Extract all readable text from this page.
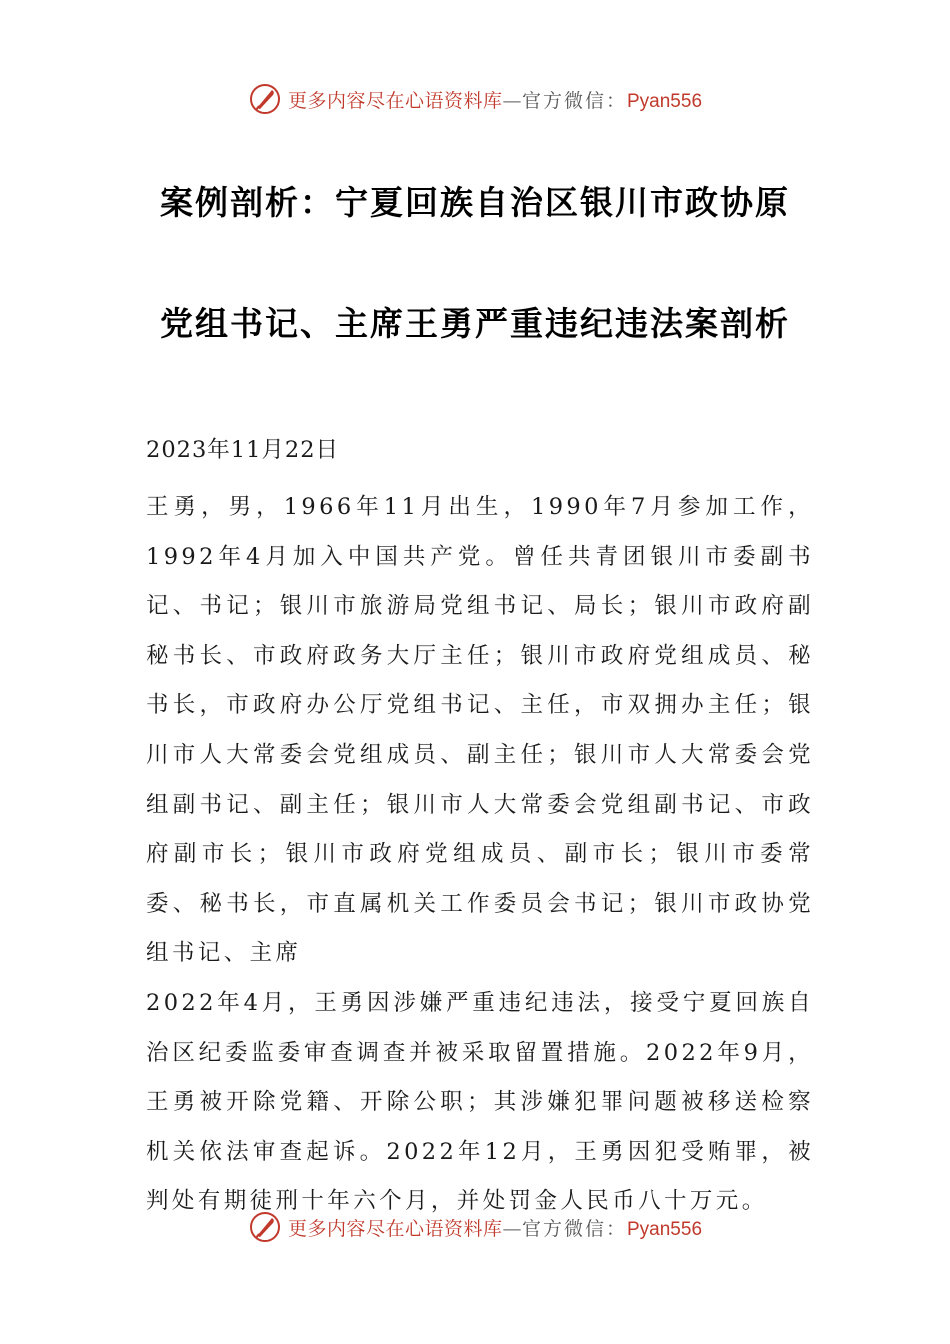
更多内容尽在心语资料库—官方微信：Pyan556
案例剖析：宁夏回族自治区银川市政协原
党组书记、主席王勇严重违纪违法案剖析
2023年11月22日

王勇，男，1966年11月出生，1990年7月参加工作，1992年4月加入中国共产党。曾任共青团银川市委副书记、书记；银川市旅游局党组书记、局长；银川市政府副秘书长、市政府政务大厅主任；银川市政府党组成员、秘书长，市政府办公厅党组书记、主任，市双拥办主任；银川市人大常委会党组成员、副主任；银川市人大常委会党组副书记、副主任；银川市人大常委会党组副书记、市政府副市长；银川市政府党组成员、副市长；银川市委常委、秘书长，市直属机关工作委员会书记；银川市政协党组书记、主席

2022年4月，王勇因涉嫌严重违纪违法，接受宁夏回族自治区纪委监委审查调查并被采取留置措施。2022年9月，王勇被开除党籍、开除公职；其涉嫌犯罪问题被移送检察机关依法审查起诉。2022年12月，王勇因犯受贿罪，被判处有期徒刑十年六个月，并处罚金人民币八十万元。

更多内容尽在心语资料库—官方微信：Pyan556
